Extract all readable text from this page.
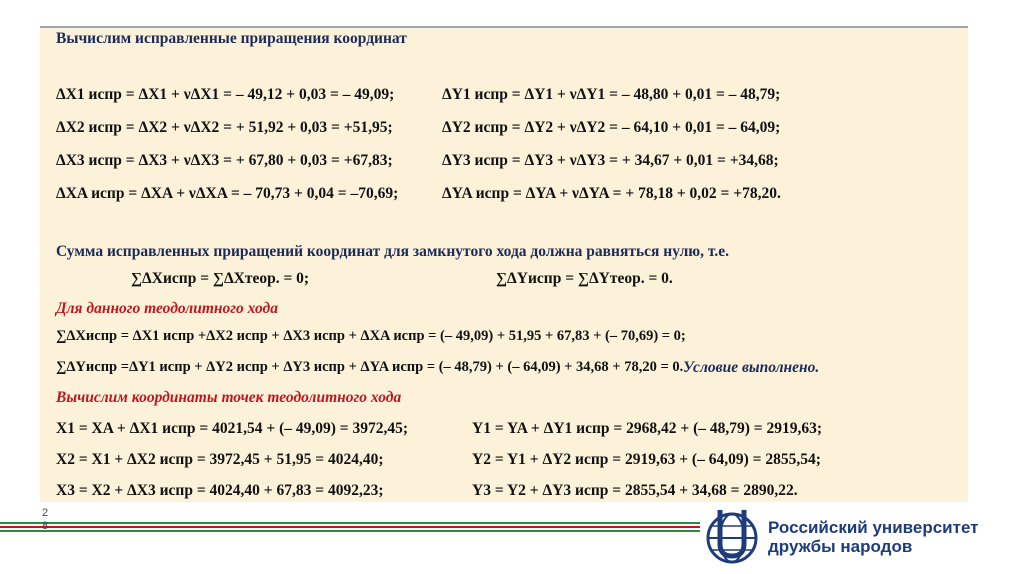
Вычислим исправленные приращения координат
ΔX1 испр = ΔX1 + νΔX1 = – 49,12 + 0,03 = – 49,09;
ΔX2 испр = ΔX2 + νΔX2 = + 51,92 + 0,03 = +51,95;
ΔX3 испр = ΔX3 + νΔX3 = + 67,80 + 0,03 = +67,83;
ΔXA испр = ΔXA + νΔXA = – 70,73 + 0,04 = –70,69;
ΔY1 испр = ΔY1 + νΔY1 = – 48,80 + 0,01 = – 48,79;
ΔY2 испр = ΔY2 + νΔY2 = – 64,10 + 0,01 = – 64,09;
ΔY3 испр = ΔY3 + νΔY3 = + 34,67 + 0,01 = +34,68;
ΔYA испр = ΔYA + νΔYA = + 78,18 + 0,02 = +78,20.
Сумма исправленных приращений координат для замкнутого хода должна равняться нулю, т.е.
∑ΔXиспр = ∑ΔXтеор. = 0;	∑ΔYиспр = ∑ΔYтеор. = 0.
Для данного теодолитного хода
∑ΔXиспр = ΔX1 испр +ΔX2 испр + ΔX3 испр + ΔXA испр = (– 49,09) + 51,95 + 67,83 + (– 70,69) = 0;
∑ΔYиспр =ΔY1 испр + ΔY2 испр + ΔY3 испр + ΔYA испр = (– 48,79) + (– 64,09) + 34,68 + 78,20 = 0. Условие выполнено.
Вычислим координаты точек теодолитного хода
X1 = XA + ΔX1 испр = 4021,54 + (– 49,09) = 3972,45;
X2 = X1 + ΔX2 испр = 3972,45 + 51,95 = 4024,40;
X3 = X2 + ΔX3 испр = 4024,40 + 67,83 = 4092,23;
Y1 = YA + ΔY1 испр = 2968,42 + (– 48,79) = 2919,63;
Y2 = Y1 + ΔY2 испр = 2919,63 + (– 64,09) = 2855,54;
Y3 = Y2 + ΔY3 испр = 2855,54 + 34,68 = 2890,22.
2
8	Российский университет
дружбы народов
